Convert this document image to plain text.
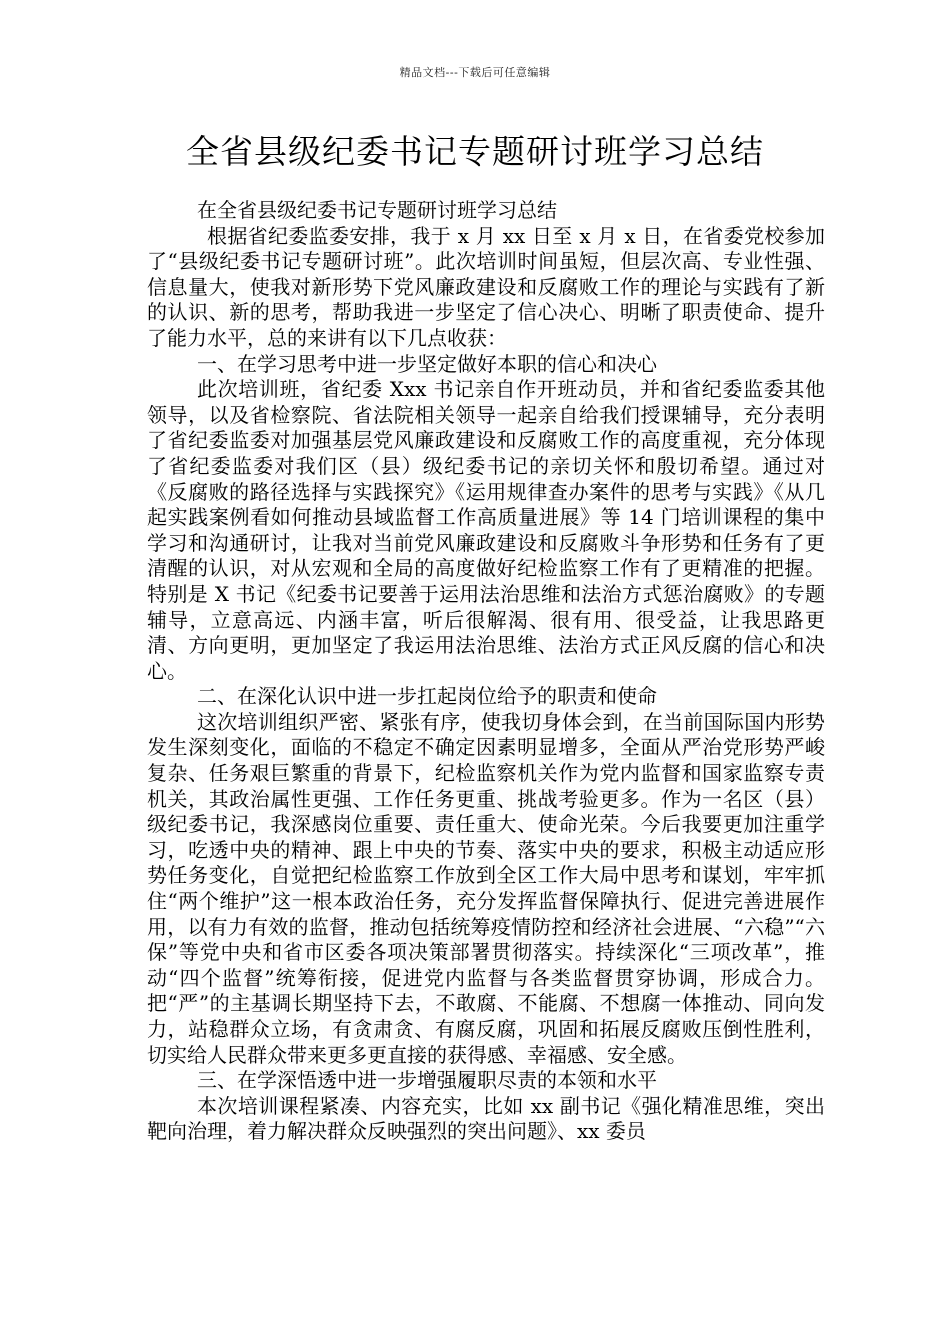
精品文档---下载后可任意编辑
全省县级纪委书记专题研讨班学习总结

在全省县级纪委书记专题研讨班学习总结

根据省纪委监委安排，我于 x 月 xx 日至 x 月 x 日，在省委党校参加了“县级纪委书记专题研讨班”。此次培训时间虽短，但层次高、专业性强、信息量大，使我对新形势下党风廉政建设和反腐败工作的理论与实践有了新的认识、新的思考，帮助我进一步坚定了信心决心、明晰了职责使命、提升了能力水平，总的来讲有以下几点收获：

一、在学习思考中进一步坚定做好本职的信心和决心

此次培训班，省纪委 Xxx 书记亲自作开班动员，并和省纪委监委其他领导，以及省检察院、省法院相关领导一起亲自给我们授课辅导，充分表明了省纪委监委对加强基层党风廉政建设和反腐败工作的高度重视，充分体现了省纪委监委对我们区（县）级纪委书记的亲切关怀和殷切希望。通过对《反腐败的路径选择与实践探究》《运用规律查办案件的思考与实践》《从几起实践案例看如何推动县域监督工作高质量进展》等 14 门培训课程的集中学习和沟通研讨，让我对当前党风廉政建设和反腐败斗争形势和任务有了更清醒的认识，对从宏观和全局的高度做好纪检监察工作有了更精准的把握。特别是 X 书记《纪委书记要善于运用法治思维和法治方式惩治腐败》的专题辅导，立意高远、内涵丰富，听后很解渴、很有用、很受益，让我思路更清、方向更明，更加坚定了我运用法治思维、法治方式正风反腐的信心和决心。

二、在深化认识中进一步扛起岗位给予的职责和使命

这次培训组织严密、紧张有序，使我切身体会到，在当前国际国内形势发生深刻变化，面临的不稳定不确定因素明显增多，全面从严治党形势严峻复杂、任务艰巨繁重的背景下，纪检监察机关作为党内监督和国家监察专责机关，其政治属性更强、工作任务更重、挑战考验更多。作为一名区（县）级纪委书记，我深感岗位重要、责任重大、使命光荣。今后我要更加注重学习，吃透中央的精神、跟上中央的节奏、落实中央的要求，积极主动适应形势任务变化，自觉把纪检监察工作放到全区工作大局中思考和谋划，牢牢抓住“两个维护”这一根本政治任务，充分发挥监督保障执行、促进完善进展作用，以有力有效的监督，推动包括统筹疫情防控和经济社会进展、“六稳”“六保”等党中央和省市区委各项决策部署贯彻落实。持续深化“三项改革”，推动“四个监督”统筹衔接，促进党内监督与各类监督贯穿协调，形成合力。把“严”的主基调长期坚持下去，不敢腐、不能腐、不想腐一体推动、同向发力，站稳群众立场，有贪肃贪、有腐反腐，巩固和拓展反腐败压倒性胜利，切实给人民群众带来更多更直接的获得感、幸福感、安全感。

三、在学深悟透中进一步增强履职尽责的本领和水平

本次培训课程紧凑、内容充实，比如 xx 副书记《强化精准思维，突出靶向治理，着力解决群众反映强烈的突出问题》、xx 委员
